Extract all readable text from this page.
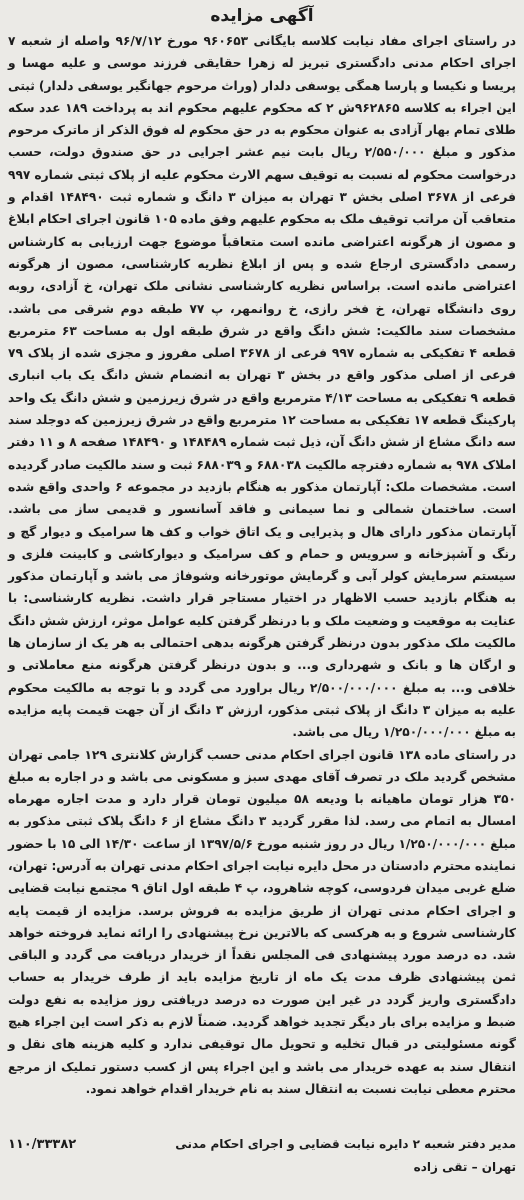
آگهی مزایده

در راستای اجرای مفاد نیابت کلاسه بایگانی ۹۶۰۶۵۳ مورخ ۹۶/۷/۱۲ واصله از شعبه ۷ اجرای احکام مدنی دادگستری تبریز له زهرا حقایقی فرزند موسی و علیه مهسا و پریسا و نکیسا و پارسا همگی یوسفی دلدار (وراث مرحوم جهانگیر یوسفی دلدار) ثبتی این اجراء به کلاسه ۹۶۲۸۶۵ش ۲ که محکوم علیهم محکوم اند به پرداخت ۱۸۹ عدد سکه طلای تمام بهار آزادی به عنوان محکوم به در حق محکوم له فوق الذکر از ماترک مرحوم مذکور و مبلغ ۲/۵۵۰/۰۰۰ ریال بابت نیم عشر اجرایی در حق صندوق دولت، حسب درخواست محکوم له نسبت به توقیف سهم الارث محکوم علیه از پلاک ثبتی شماره ۹۹۷ فرعی از ۳۶۷۸ اصلی بخش ۳ تهران به میزان ۳ دانگ و شماره ثبت ۱۴۸۴۹۰ اقدام و متعاقب آن مراتب توقیف ملک به محکوم علیهم وفق ماده ۱۰۵ قانون اجرای احکام ابلاغ و مصون از هرگونه اعتراضی مانده است متعاقباً موضوع جهت ارزیابی به کارشناس رسمی دادگستری ارجاع شده و پس از ابلاغ نظریه کارشناسی، مصون از هرگونه اعتراضی مانده است. براساس نظریه کارشناسی نشانی ملک تهران، خ آزادی، روبه روی دانشگاه تهران، خ فخر رازی، خ روانمهر، پ ۷۷ طبقه دوم شرقی می باشد. مشخصات سند مالکیت: شش دانگ واقع در شرق طبقه اول به مساحت ۶۳ مترمربع قطعه ۴ تفکیکی به شماره ۹۹۷ فرعی از ۳۶۷۸ اصلی مفروز و مجزی شده از پلاک ۷۹ فرعی از اصلی مذکور واقع در بخش ۳ تهران به انضمام شش دانگ یک باب انباری قطعه ۹ تفکیکی به مساحت ۴/۱۳ مترمربع واقع در شرق زیرزمین و شش دانگ یک واحد پارکینگ قطعه ۱۷ تفکیکی به مساحت ۱۲ مترمربع واقع در شرق زیرزمین که دوجلد سند سه دانگ مشاع از شش دانگ آن، ذیل ثبت شماره ۱۴۸۴۸۹ و ۱۴۸۴۹۰ صفحه ۸ و ۱۱ دفتر املاک ۹۷۸ به شماره دفترچه مالکیت ۶۸۸۰۳۸ و ۶۸۸۰۳۹ ثبت و سند مالکیت صادر گردیده است. مشخصات ملک: آپارتمان مذکور به هنگام بازدید در مجموعه ۶ واحدی واقع شده است. ساختمان شمالی و نما سیمانی و فاقد آسانسور و قدیمی ساز می باشد. آپارتمان مذکور دارای هال و پذیرایی و یک اتاق خواب و کف ها سرامیک و دیوار گچ و رنگ و آشپزخانه و سرویس و حمام و کف سرامیک و دیوارکاشی و کابینت فلزی و سیستم سرمایش کولر آبی و گرمایش موتورخانه وشوفاژ می باشد و آپارتمان مذکور به هنگام بازدید حسب الاظهار در اختیار مستاجر قرار داشت. نظریه کارشناسی: با عنایت به موقعیت و وضعیت ملک و با درنظر گرفتن کلیه عوامل موثر، ارزش شش دانگ مالکیت ملک مذکور بدون درنظر گرفتن هرگونه بدهی احتمالی به هر یک از سازمان ها و ارگان ها و بانک و شهرداری و... و بدون درنظر گرفتن هرگونه منع معاملاتی و خلافی و... به مبلغ ۲/۵۰۰/۰۰۰/۰۰۰ ریال براورد می گردد و با توجه به مالکیت محکوم علیه به میزان ۳ دانگ از پلاک ثبتی مذکور، ارزش ۳ دانگ از آن جهت قیمت پایه مزایده به مبلغ ۱/۲۵۰/۰۰۰/۰۰۰ ریال می باشد.

در راستای ماده ۱۳۸ قانون اجرای احکام مدنی حسب گزارش کلانتری ۱۲۹ جامی تهران مشخص گردید ملک در تصرف آقای مهدی سبز و مسکونی می باشد و در اجاره به مبلغ ۳۵۰ هزار تومان ماهیانه با ودیعه ۵۸ میلیون تومان قرار دارد و مدت اجاره مهرماه امسال به اتمام می رسد. لذا مقرر گردید ۳ دانگ مشاع از ۶ دانگ پلاک ثبتی مذکور به مبلغ ۱/۲۵۰/۰۰۰/۰۰۰ ریال در روز شنبه مورخ ۱۳۹۷/۵/۶ از ساعت ۱۴/۳۰ الی ۱۵ با حضور نماینده محترم دادستان در محل دایره نیابت اجرای احکام مدنی تهران به آدرس: تهران، ضلع غربی میدان فردوسی، کوچه شاهرود، پ ۴ طبقه اول اتاق ۹ مجتمع نیابت قضایی و اجرای احکام مدنی تهران از طریق مزایده به فروش برسد. مزایده از قیمت پایه کارشناسی شروع و به هرکسی که بالاترین نرخ پیشنهادی را ارائه نماید فروخته خواهد شد. ده درصد مورد پیشنهادی فی المجلس نقداً از خریدار دریافت می گردد و الباقی ثمن پیشنهادی ظرف مدت یک ماه از تاریخ مزایده باید از طرف خریدار به حساب دادگستری واریز گردد در غیر این صورت ده درصد دریافتی روز مزایده به نفع دولت ضبط و مزایده برای بار دیگر تجدید خواهد گردید. ضمناً لازم به ذکر است این اجراء هیچ گونه مسئولیتی در قبال تخلیه و تحویل مال توقیفی ندارد و کلیه هزینه های نقل و انتقال سند به عهده خریدار می باشد و این اجراء پس از کسب دستور تملیک از مرجع محترم معطی نیابت نسبت به انتقال سند به نام خریدار اقدام خواهد نمود.

مدیر دفتر شعبه ۲ دایره نیابت قضایی و اجرای احکام مدنی
۱۱۰/۳۳۳۸۲
تهران – تقی زاده
